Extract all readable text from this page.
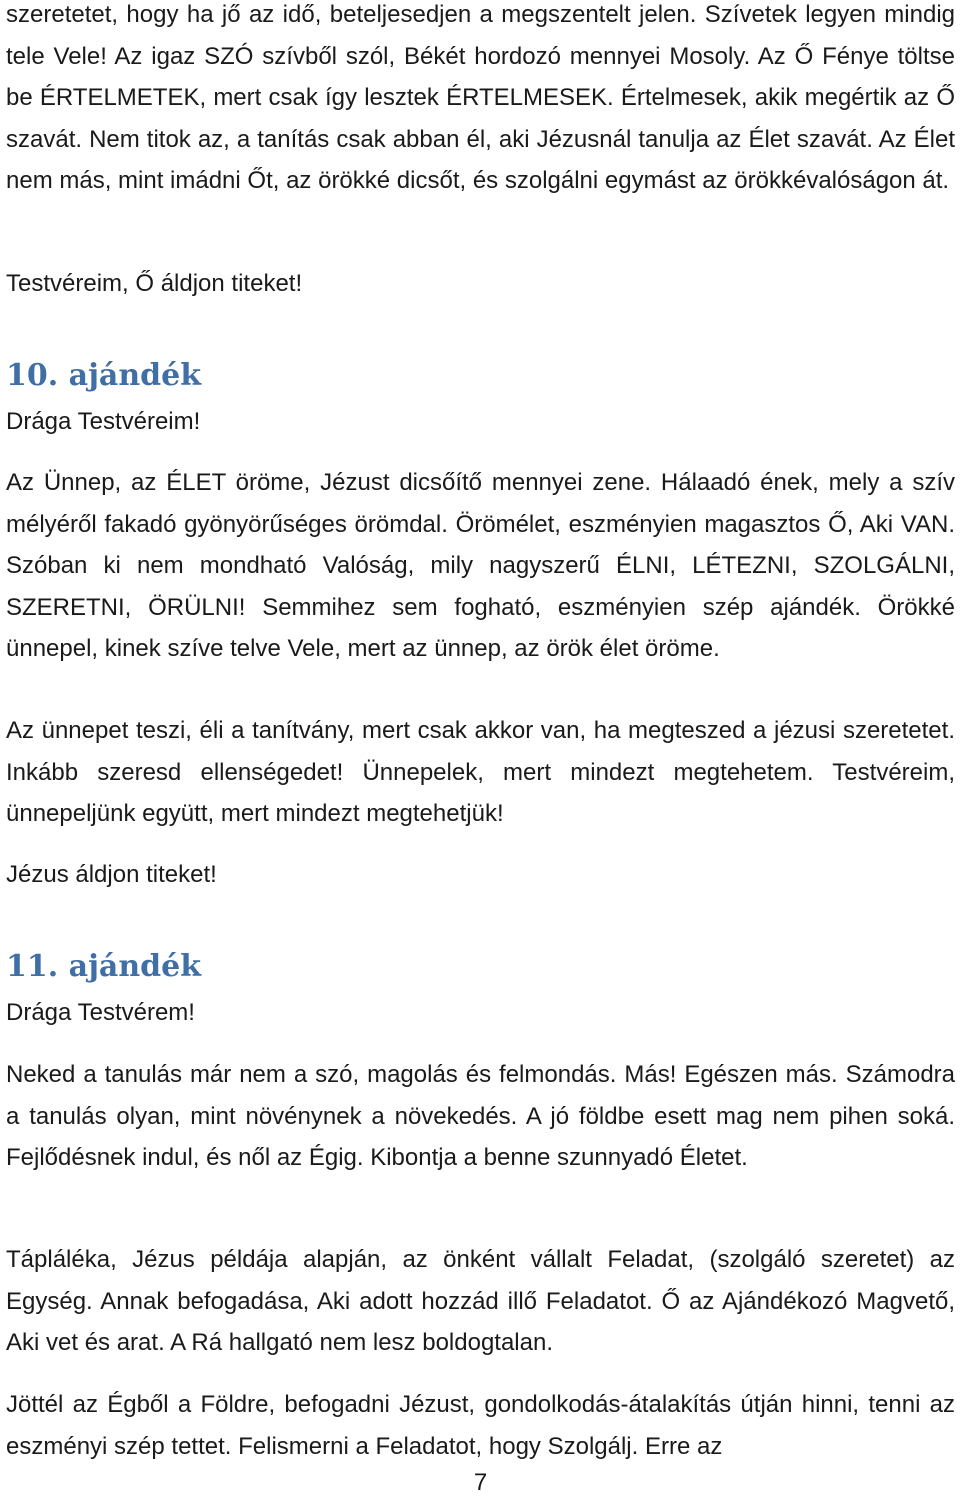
szeretetet, hogy ha jő az idő, beteljesedjen a megszentelt jelen. Szívetek legyen mindig tele Vele! Az igaz SZÓ szívből szól, Békét hordozó mennyei Mosoly. Az Ő Fénye töltse be ÉRTELMETEK, mert csak így lesztek ÉRTELMESEK. Értelmesek, akik megértik az Ő szavát. Nem titok az, a tanítás csak abban él, aki Jézusnál tanulja az Élet szavát. Az Élet nem más, mint imádni Őt, az örökké dicsőt, és szolgálni egymást az örökkévalóságon át.

Testvéreim, Ő áldjon titeket!

10. ajándék

Drága Testvéreim!

Az Ünnep, az ÉLET öröme, Jézust dicsőítő mennyei zene. Hálaadó ének, mely a szív mélyéről fakadó gyönyörűséges örömdal. Örömélet, eszményien magasztos Ő, Aki VAN. Szóban ki nem mondható Valóság, mily nagyszerű ÉLNI, LÉTEZNI, SZOLGÁLNI, SZERETNI, ÖRÜLNI! Semmihez sem fogható, eszményien szép ajándék. Örökké ünnepel, kinek szíve telve Vele, mert az ünnep, az örök élet öröme.

Az ünnepet teszi, éli a tanítvány, mert csak akkor van, ha megteszed a jézusi szeretetet. Inkább szeresd ellenségedet! Ünnepelek, mert mindezt megtehetem. Testvéreim, ünnepeljünk együtt, mert mindezt megtehetjük!

Jézus áldjon titeket!

11. ajándék

Drága Testvérem!

Neked a tanulás már nem a szó, magolás és felmondás. Más! Egészen más. Számodra a tanulás olyan, mint növénynek a növekedés. A jó földbe esett mag nem pihen soká. Fejlődésnek indul, és nől az Égig. Kibontja a benne szunnyadó Életet.

Tápláléka, Jézus példája alapján, az önként vállalt Feladat, (szolgáló szeretet) az Egység. Annak befogadása, Aki adott hozzád illő Feladatot. Ő az Ajándékozó Magvető, Aki vet és arat. A Rá hallgató nem lesz boldogtalan.

Jöttél az Égből a Földre, befogadni Jézust, gondolkodás-átalakítás útján hinni, tenni az eszményi szép tettet. Felismerni a Feladatot, hogy Szolgálj. Erre az

7
